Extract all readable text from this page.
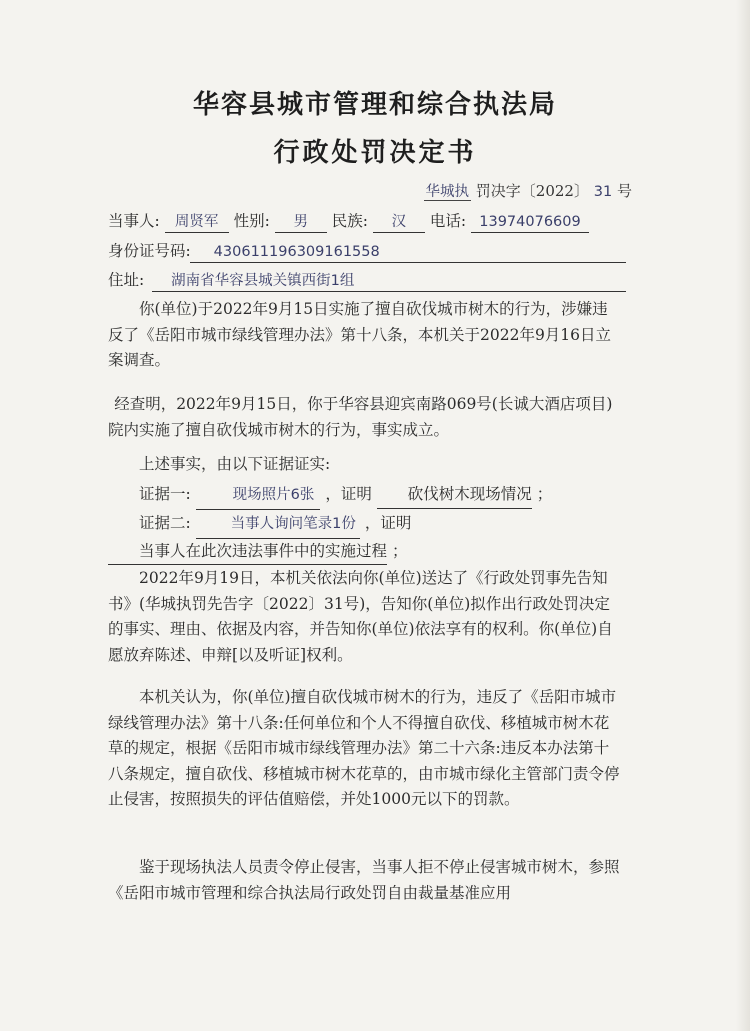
华容县城市管理和综合执法局
行政处罚决定书
华城执 罚决字〔2022〕 31 号
当事人: 周贤军 性别: 男 民族: 汉 电话: 13974076609
身份证号码: 430611196309161558
住址: 湖南省华容县城关镇西街1组
你(单位)于2022年9月15日实施了擅自砍伐城市树木的行为，涉嫌违反了《岳阳市城市绿线管理办法》第十八条，本机关于2022年9月16日立案调查。
经查明，2022年9月15日，你于华容县迎宾南路069号(长诚大酒店项目)院内实施了擅自砍伐城市树木的行为，事实成立。
上述事实，由以下证据证实:
证据一:	现场照片6张 ，证明 砍伐树木现场情况 ；
证据二:	当事人询问笔录1份 ，证明 当事人在此次违法事件中的实施过程 ；
2022年9月19日，本机关依法向你(单位)送达了《行政处罚事先告知书》(华城执罚先告字〔2022〕31号)，告知你(单位)拟作出行政处罚决定的事实、理由、依据及内容，并告知你(单位)依法享有的权利。你(单位)自愿放弃陈述、申辩[以及听证]权利。
本机关认为，你(单位)擅自砍伐城市树木的行为，违反了《岳阳市城市绿线管理办法》第十八条:任何单位和个人不得擅自砍伐、移植城市树木花草的规定，根据《岳阳市城市绿线管理办法》第二十六条:违反本办法第十八条规定，擅自砍伐、移植城市树木花草的，由市城市绿化主管部门责令停止侵害，按照损失的评估值赔偿，并处1000元以下的罚款。
鉴于现场执法人员责令停止侵害，当事人拒不停止侵害城市树木，参照《岳阳市城市管理和综合执法局行政处罚自由裁量基准应用
